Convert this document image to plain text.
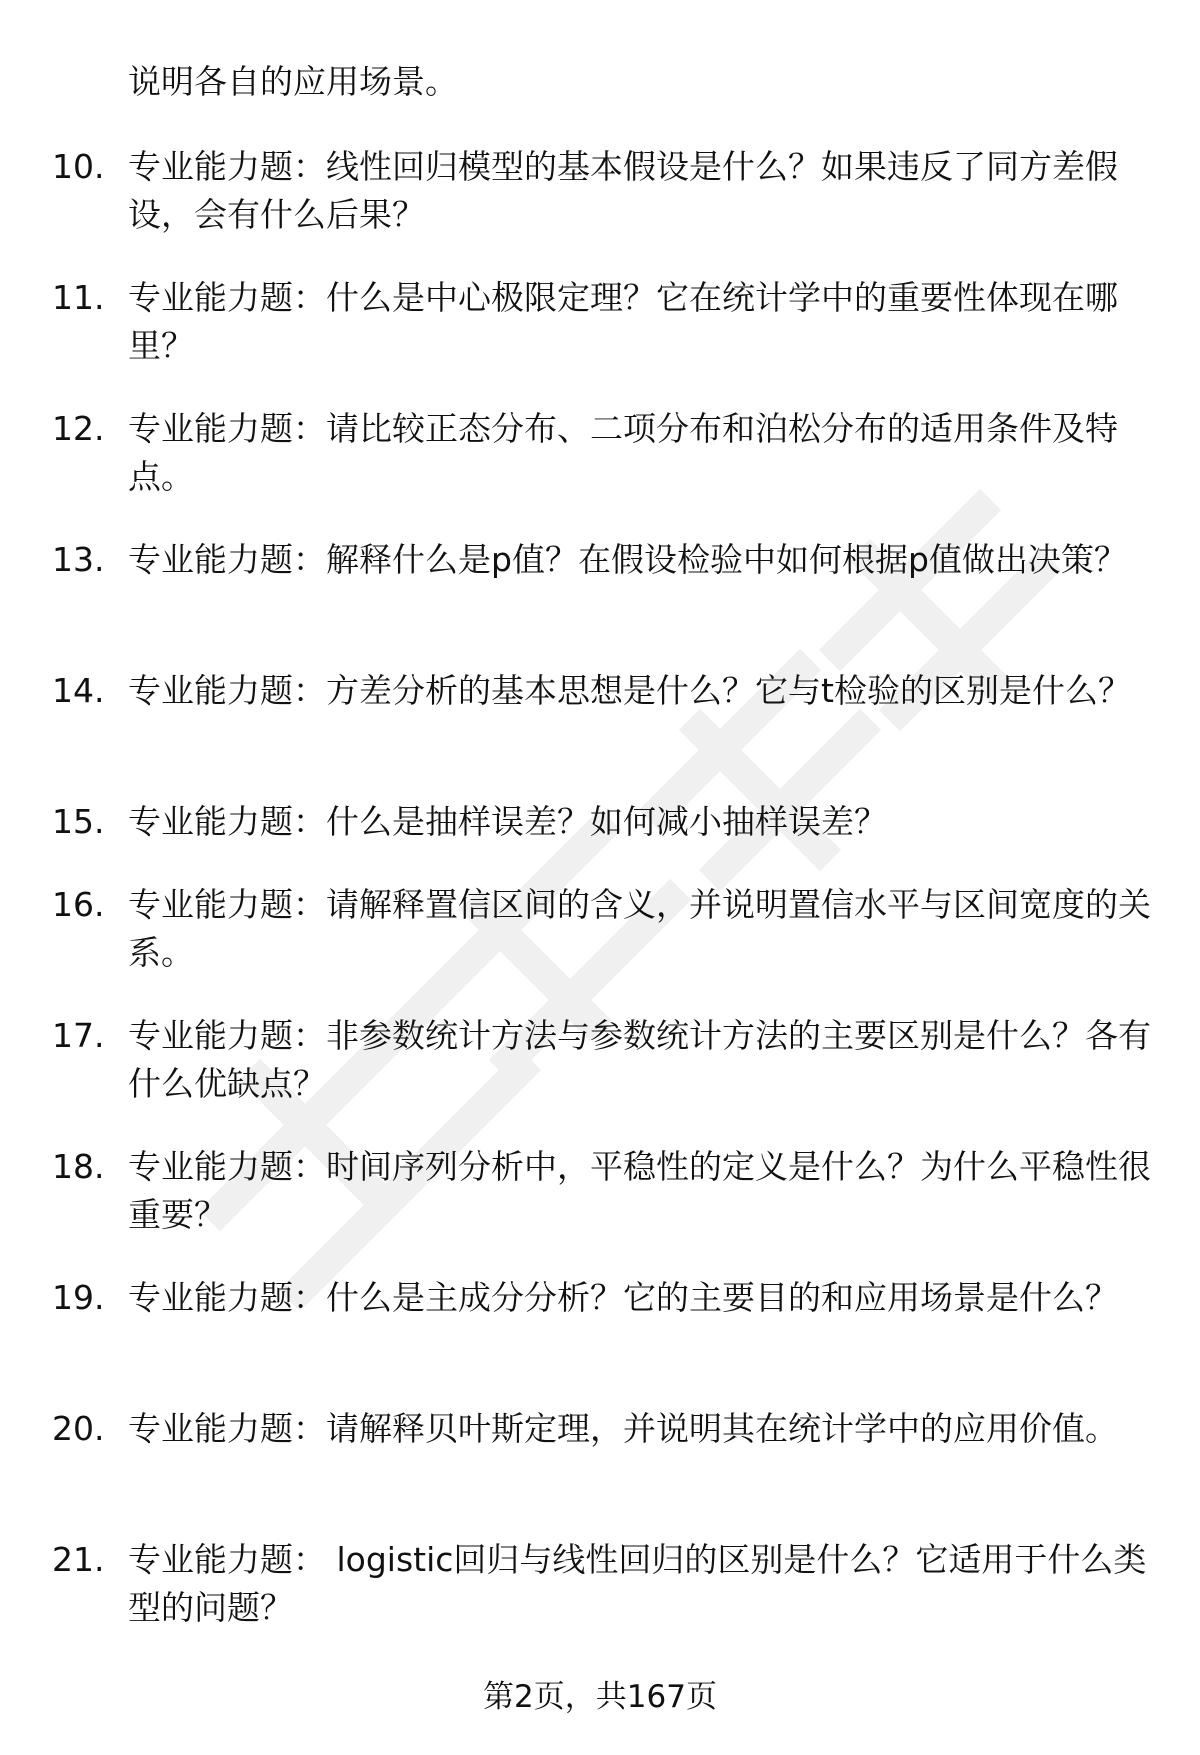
说明各自的应用场景。
10. 专业能力题：线性回归模型的基本假设是什么？如果违反了同方差假设，会有什么后果？
11. 专业能力题：什么是中心极限定理？它在统计学中的重要性体现在哪里？
12. 专业能力题：请比较正态分布、二项分布和泊松分布的适用条件及特点。
13. 专业能力题：解释什么是p值？在假设检验中如何根据p值做出决策？
14. 专业能力题：方差分析的基本思想是什么？它与t检验的区别是什么？
15. 专业能力题：什么是抽样误差？如何减小抽样误差？
16. 专业能力题：请解释置信区间的含义，并说明置信水平与区间宽度的关系。
17. 专业能力题：非参数统计方法与参数统计方法的主要区别是什么？各有什么优缺点？
18. 专业能力题：时间序列分析中，平稳性的定义是什么？为什么平稳性很重要？
19. 专业能力题：什么是主成分分析？它的主要目的和应用场景是什么？
20. 专业能力题：请解释贝叶斯定理，并说明其在统计学中的应用价值。
21. 专业能力题： logistic回归与线性回归的区别是什么？它适用于什么类型的问题？
第2页，共167页
